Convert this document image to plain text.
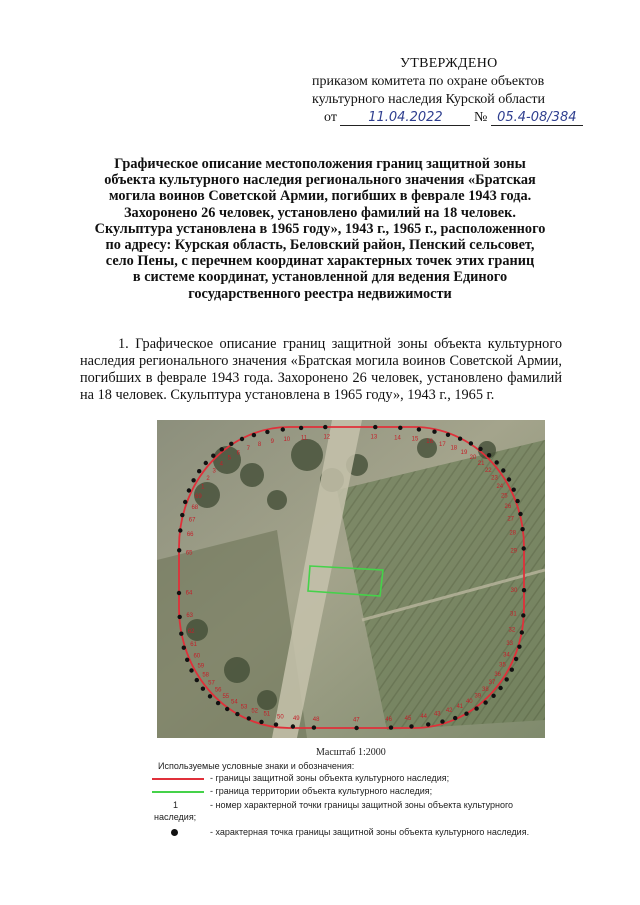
УТВЕРЖДЕНО
приказом комитета по охране объектов
культурного наследия Курской области
от 11.04.2022 № 05.4-08/384
Графическое описание местоположения границ защитной зоны
объекта культурного наследия регионального значения «Братская
могила воинов Советской Армии, погибших в феврале 1943 года.
Захоронено 26 человек, установлено фамилий на 18 человек.
Скульптура установлена в 1965 году», 1943 г., 1965 г., расположенного
по адресу: Курская область, Беловский район, Пенский сельсовет,
село Пены, с перечнем координат характерных точек этих границ
в системе координат, установленной для ведения Единого
государственного реестра недвижимости
1. Графическое описание границ защитной зоны объекта культурного наследия регионального значения «Братская могила воинов Советской Армии, погибших в феврале 1943 года. Захоронено 26 человек, установлено фамилий на 18 человек. Скульптура установлена в 1965 году», 1943 г., 1965 г.
1
2
3
4
5
6
7
8 9 10 11	12	13	14 15 16 17
18
19
20
21
22
23
24
25
26
27
28
29
30
31
32
33
34
35
36
37
38
39
40
41
42
43
44
45
46
47
48
49
50
51
52
53
54
55
56
57
58
59
60
61
62
63
64
65
66
67
68
69
Масштаб 1:2000
Используемые условные знаки и обозначения:
- границы защитной зоны объекта культурного наследия;
- граница территории объекта культурного наследия;
1	- номер характерной точки границы защитной зоны объекта культурного
наследия;
- характерная точка границы защитной зоны объекта культурного наследия.
